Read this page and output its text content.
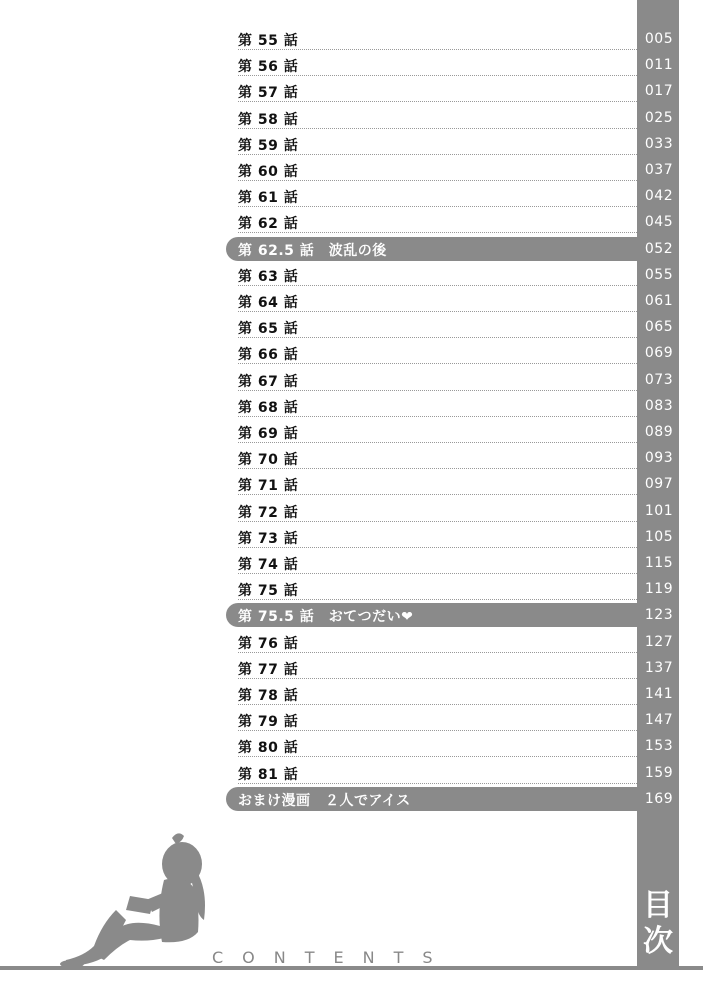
目
次
第 55 話	005
第 56 話	011
第 57 話	017
第 58 話	025
第 59 話	033
第 60 話	037
第 61 話	042
第 62 話	045
第 62.5 話　波乱の後	052
第 63 話	055
第 64 話	061
第 65 話	065
第 66 話	069
第 67 話	073
第 68 話	083
第 69 話	089
第 70 話	093
第 71 話	097
第 72 話	101
第 73 話	105
第 74 話	115
第 75 話	119
第 75.5 話　おてつだい❤	123
第 76 話	127
第 77 話	137
第 78 話	141
第 79 話	147
第 80 話	153
第 81 話	159
おまけ漫画　２人でアイス	169
CONTENTS
